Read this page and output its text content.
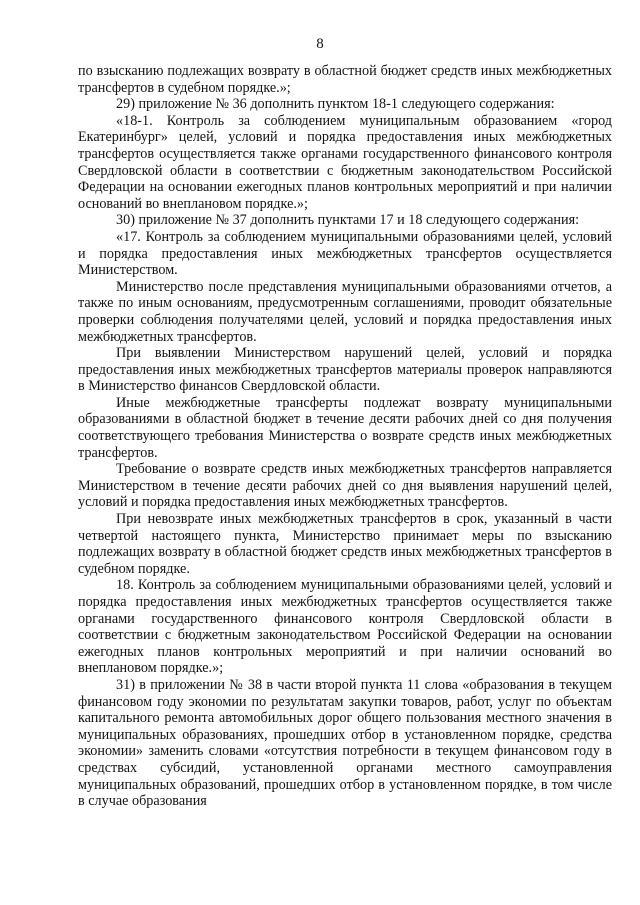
8

по взысканию подлежащих возврату в областной бюджет средств иных межбюджетных трансфертов в судебном порядке.»;

29) приложение № 36 дополнить пунктом 18-1 следующего содержания:

«18-1. Контроль за соблюдением муниципальным образованием «город Екатеринбург» целей, условий и порядка предоставления иных межбюджетных трансфертов осуществляется также органами государственного финансового контроля Свердловской области в соответствии с бюджетным законодательством Российской Федерации на основании ежегодных планов контрольных мероприятий и при наличии оснований во внеплановом порядке.»;

30) приложение № 37 дополнить пунктами 17 и 18 следующего содержания:

«17. Контроль за соблюдением муниципальными образованиями целей, условий и порядка предоставления иных межбюджетных трансфертов осуществляется Министерством.

Министерство после представления муниципальными образованиями отчетов, а также по иным основаниям, предусмотренным соглашениями, проводит обязательные проверки соблюдения получателями целей, условий и порядка предоставления иных межбюджетных трансфертов.

При выявлении Министерством нарушений целей, условий и порядка предоставления иных межбюджетных трансфертов материалы проверок направляются в Министерство финансов Свердловской области.

Иные межбюджетные трансферты подлежат возврату муниципальными образованиями в областной бюджет в течение десяти рабочих дней со дня получения соответствующего требования Министерства о возврате средств иных межбюджетных трансфертов.

Требование о возврате средств иных межбюджетных трансфертов направляется Министерством в течение десяти рабочих дней со дня выявления нарушений целей, условий и порядка предоставления иных межбюджетных трансфертов.

При невозврате иных межбюджетных трансфертов в срок, указанный в части четвертой настоящего пункта, Министерство принимает меры по взысканию подлежащих возврату в областной бюджет средств иных межбюджетных трансфертов в судебном порядке.

18. Контроль за соблюдением муниципальными образованиями целей, условий и порядка предоставления иных межбюджетных трансфертов осуществляется также органами государственного финансового контроля Свердловской области в соответствии с бюджетным законодательством Российской Федерации на основании ежегодных планов контрольных мероприятий и при наличии оснований во внеплановом порядке.»;

31) в приложении № 38 в части второй пункта 11 слова «образования в текущем финансовом году экономии по результатам закупки товаров, работ, услуг по объектам капитального ремонта автомобильных дорог общего пользования местного значения в муниципальных образованиях, прошедших отбор в установленном порядке, средства экономии» заменить словами «отсутствия потребности в текущем финансовом году в средствах субсидий, установленной органами местного самоуправления муниципальных образований, прошедших отбор в установленном порядке, в том числе в случае образования
